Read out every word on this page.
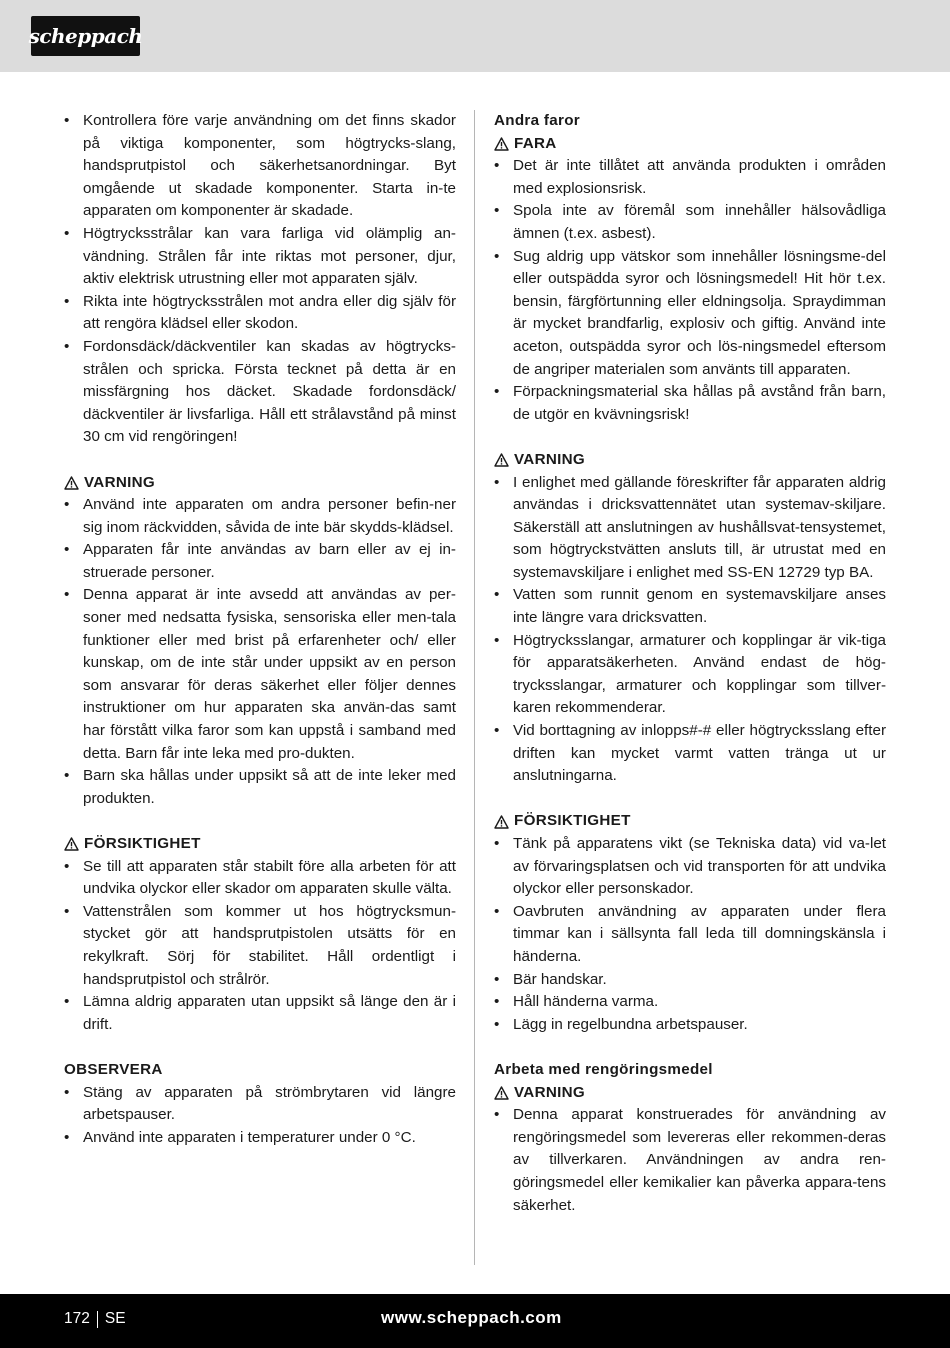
scheppach
• Kontrollera före varje användning om det finns skador på viktiga komponenter, som högtrycks-slang, handsprutpistol och säkerhetsanordningar. Byt omgående ut skadade komponenter. Starta in-te apparaten om komponenter är skadade.
• Högtrycksstrålar kan vara farliga vid olämplig an-vändning. Strålen får inte riktas mot personer, djur, aktiv elektrisk utrustning eller mot apparaten själv.
• Rikta inte högtrycksstrålen mot andra eller dig själv för att rengöra klädsel eller skodon.
• Fordonsdäck/däckventiler kan skadas av högtrycks-strålen och spricka. Första tecknet på detta är en missfärgning hos däcket. Skadade fordonsdäck/ däckventiler är livsfarliga. Håll ett strålavstånd på minst 30 cm vid rengöringen!
VARNING
• Använd inte apparaten om andra personer befin-ner sig inom räckvidden, såvida de inte bär skydds-klädsel.
• Apparaten får inte användas av barn eller av ej in-struerade personer.
• Denna apparat är inte avsedd att användas av per-soner med nedsatta fysiska, sensoriska eller men-tala funktioner eller med brist på erfarenheter och/ eller kunskap, om de inte står under uppsikt av en person som ansvarar för deras säkerhet eller följer dennes instruktioner om hur apparaten ska använ-das samt har förstått vilka faror som kan uppstå i samband med detta. Barn får inte leka med pro-dukten.
• Barn ska hållas under uppsikt så att de inte leker med produkten.
FÖRSIKTIGHET
• Se till att apparaten står stabilt före alla arbeten för att undvika olyckor eller skador om apparaten skulle välta.
• Vattenstrålen som kommer ut hos högtrycksmun-stycket gör att handsprutpistolen utsätts för en rekylkraft. Sörj för stabilitet. Håll ordentligt i handsprutpistol och strålrör.
• Lämna aldrig apparaten utan uppsikt så länge den är i drift.
OBSERVERA
• Stäng av apparaten på strömbrytaren vid längre arbetspauser.
• Använd inte apparaten i temperaturer under 0 °C.
Andra faror
FARA
• Det är inte tillåtet att använda produkten i områden med explosionsrisk.
• Spola inte av föremål som innehåller hälsovådliga ämnen (t.ex. asbest).
• Sug aldrig upp vätskor som innehåller lösningsme-del eller outspädda syror och lösningsmedel! Hit hör t.ex. bensin, färgförtunning eller eldningsolja. Spraydimman är mycket brandfarlig, explosiv och giftig. Använd inte aceton, outspädda syror och lös-ningsmedel eftersom de angriper materialen som använts till apparaten.
• Förpackningsmaterial ska hållas på avstånd från barn, de utgör en kvävningsrisk!
VARNING
• I enlighet med gällande föreskrifter får apparaten aldrig användas i dricksvattennätet utan systemav-skiljare. Säkerställ att anslutningen av hushållsvat-tensystemet, som högtryckstvätten ansluts till, är utrustat med en systemavskiljare i enlighet med SS-EN 12729 typ BA.
• Vatten som runnit genom en systemavskiljare anses inte längre vara dricksvatten.
• Högtrycksslangar, armaturer och kopplingar är vik-tiga för apparatsäkerheten. Använd endast de hög-trycksslangar, armaturer och kopplingar som tillver-karen rekommenderar.
• Vid borttagning av inlopps#-# eller högtrycksslang efter driften kan mycket varmt vatten tränga ut ur anslutningarna.
FÖRSIKTIGHET
• Tänk på apparatens vikt (se Tekniska data) vid va-let av förvaringsplatsen och vid transporten för att undvika olyckor eller personskador.
• Oavbruten användning av apparaten under flera timmar kan i sällsynta fall leda till domningskänsla i händerna.
• Bär handskar.
• Håll händerna varma.
• Lägg in regelbundna arbetspauser.
Arbeta med rengöringsmedel
VARNING
• Denna apparat konstruerades för användning av rengöringsmedel som levereras eller rekommen-deras av tillverkaren. Användningen av andra ren-göringsmedel eller kemikalier kan påverka appara-tens säkerhet.
172 SE	www.scheppach.com
